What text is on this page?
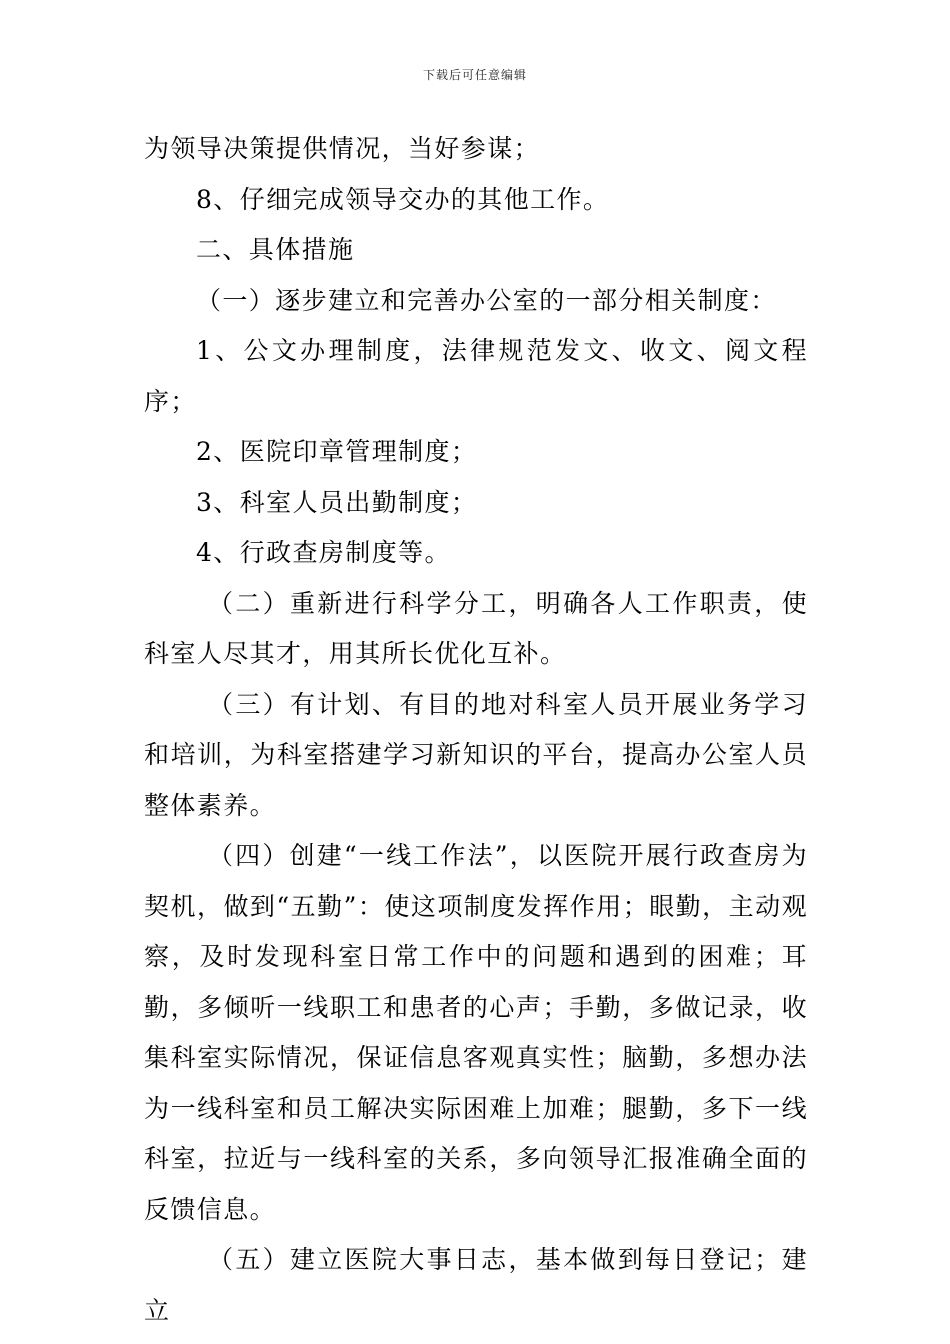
下载后可任意编辑

为领导决策提供情况，当好参谋；

8、仔细完成领导交办的其他工作。

二、具体措施

（一）逐步建立和完善办公室的一部分相关制度：

1、公文办理制度，法律规范发文、收文、阅文程序；

2、医院印章管理制度；

3、科室人员出勤制度；

4、行政查房制度等。

（二）重新进行科学分工，明确各人工作职责，使科室人尽其才，用其所长优化互补。

（三）有计划、有目的地对科室人员开展业务学习和培训，为科室搭建学习新知识的平台，提高办公室人员整体素养。

（四）创建“一线工作法”，以医院开展行政查房为契机，做到“五勤”：使这项制度发挥作用；眼勤，主动观察，及时发现科室日常工作中的问题和遇到的困难；耳勤，多倾听一线职工和患者的心声；手勤，多做记录，收集科室实际情况，保证信息客观真实性；脑勤，多想办法为一线科室和员工解决实际困难上加难；腿勤，多下一线科室，拉近与一线科室的关系，多向领导汇报准确全面的反馈信息。

（五）建立医院大事日志，基本做到每日登记；建立
